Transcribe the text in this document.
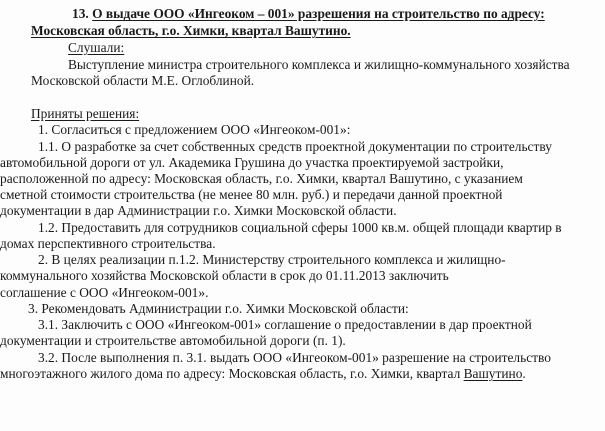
13. О выдаче ООО «Ингеоком – 001» разрешения на строительство по адресу:
Московская область, г.о. Химки, квартал Вашутино.
Слушали:
Выступление министра строительного комплекса и жилищно-коммунального хозяйства
Московской области М.Е. Оглоблиной.
Приняты решения:
1. Согласиться с предложением ООО «Ингеоком-001»:
1.1. О разработке за счет собственных средств проектной документации по строительству
автомобильной дороги от ул. Академика Грушина до участка проектируемой застройки,
расположенной по адресу: Московская область, г.о. Химки, квартал Вашутино, с указанием
сметной стоимости строительства (не менее 80 млн. руб.) и передачи данной проектной
документации в дар Администрации г.о. Химки Московской области.
1.2. Предоставить для сотрудников социальной сферы 1000 кв.м. общей площади квартир в
домах перспективного строительства.
2. В целях реализации п.1.2. Министерству строительного комплекса и жилищно-
коммунального хозяйства Московской области в срок до 01.11.2013 заключить
соглашение с ООО «Ингеоком-001».
3. Рекомендовать Администрации г.о. Химки Московской области:
3.1. Заключить с ООО «Ингеоком-001» соглашение о предоставлении в дар проектной
документации и строительстве автомобильной дороги (п. 1).
3.2. После выполнения п. 3.1. выдать ООО «Ингеоком-001» разрешение на строительство
многоэтажного жилого дома по адресу: Московская область, г.о. Химки, квартал Вашутино.
